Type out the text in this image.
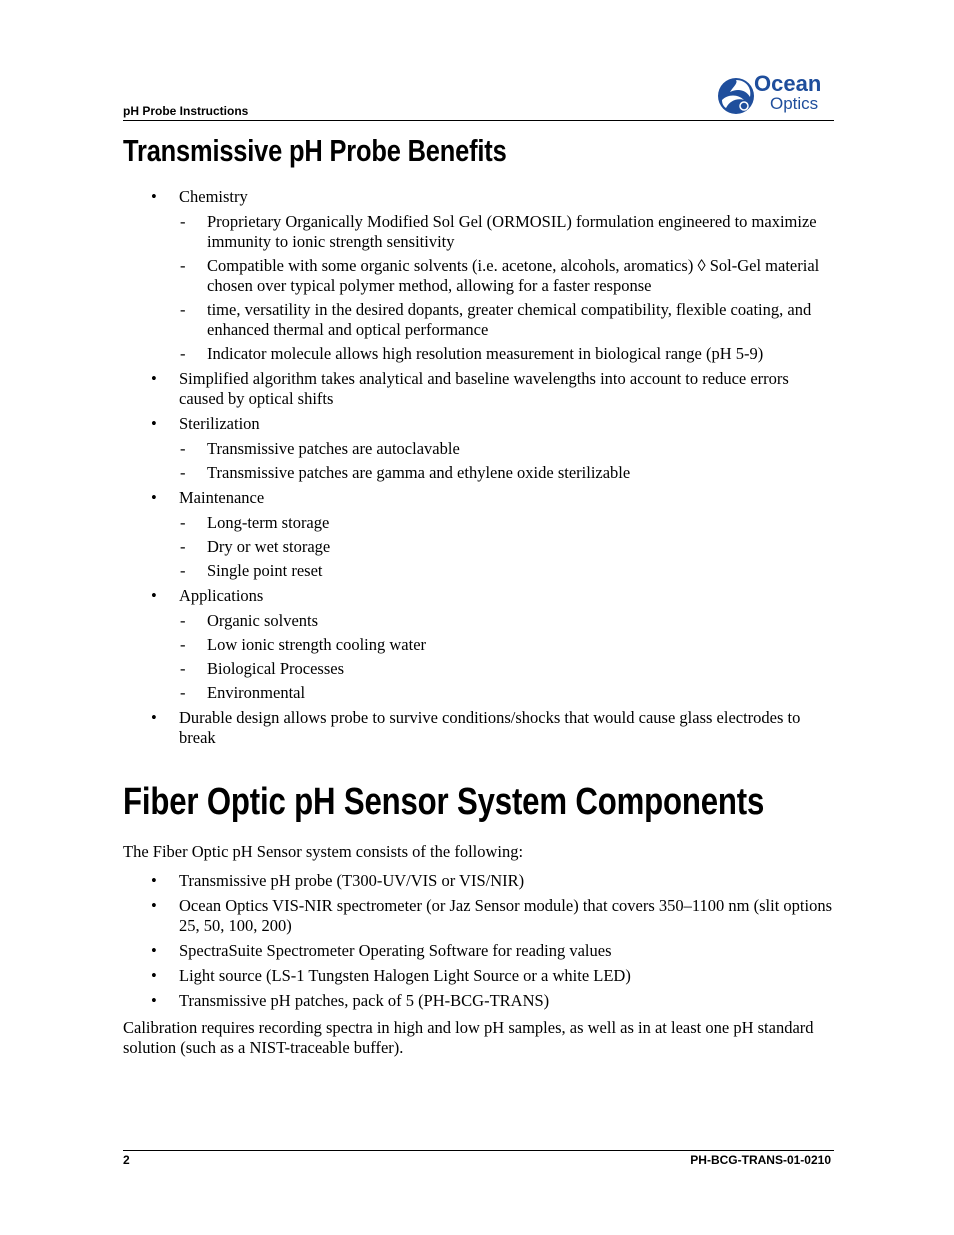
pH Probe Instructions
Ocean
Optics
Transmissive pH Probe Benefits
• Chemistry
- Proprietary Organically Modified Sol Gel (ORMOSIL) formulation engineered to maximize immunity to ionic strength sensitivity
- Compatible with some organic solvents (i.e. acetone, alcohols, aromatics) ◊ Sol-Gel material chosen over typical polymer method, allowing for a faster response
- time, versatility in the desired dopants, greater chemical compatibility, flexible coating, and enhanced thermal and optical performance
- Indicator molecule allows high resolution measurement in biological range (pH 5-9)
• Simplified algorithm takes analytical and baseline wavelengths into account to reduce errors caused by optical shifts
• Sterilization
- Transmissive patches are autoclavable
- Transmissive patches are gamma and ethylene oxide sterilizable
• Maintenance
- Long-term storage
- Dry or wet storage
- Single point reset
• Applications
- Organic solvents
- Low ionic strength cooling water
- Biological Processes
- Environmental
• Durable design allows probe to survive conditions/shocks that would cause glass electrodes to break
Fiber Optic pH Sensor System Components
The Fiber Optic pH Sensor system consists of the following:
• Transmissive pH probe (T300-UV/VIS or VIS/NIR)
• Ocean Optics VIS-NIR spectrometer (or Jaz Sensor module) that covers 350–1100 nm (slit options 25, 50, 100, 200)
• SpectraSuite Spectrometer Operating Software for reading values
• Light source (LS-1 Tungsten Halogen Light Source or a white LED)
• Transmissive pH patches, pack of 5 (PH-BCG-TRANS)
Calibration requires recording spectra in high and low pH samples, as well as in at least one pH standard solution (such as a NIST-traceable buffer).
2	PH-BCG-TRANS-01-0210
